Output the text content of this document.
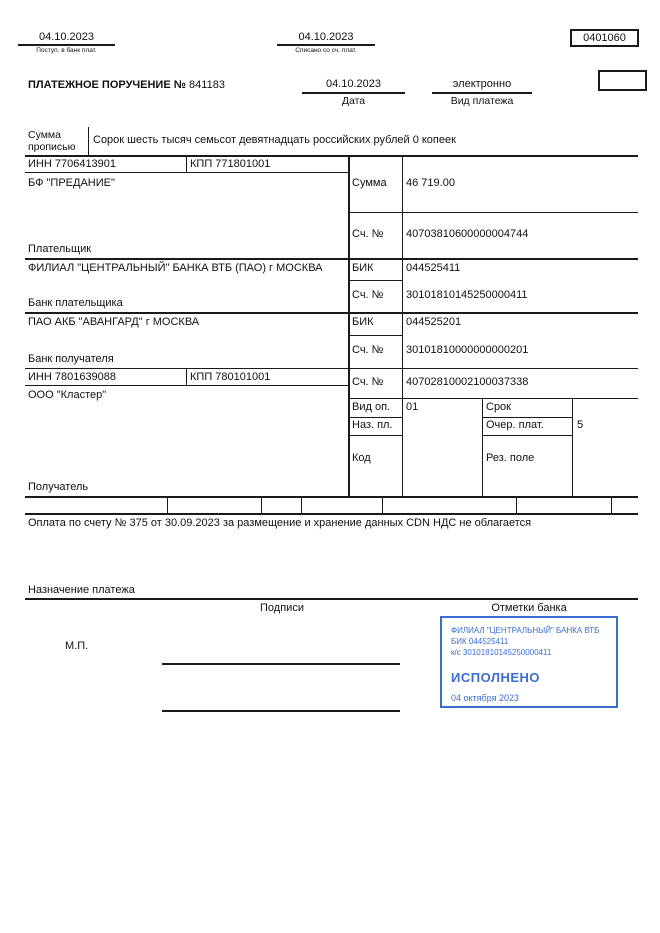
04.10.2023
Поступ. в банк плат.
04.10.2023
Списано со сч. плат.
0401060
ПЛАТЕЖНОЕ ПОРУЧЕНИЕ № 841183	04.10.2023
Дата
электронно
Вид платежа
Сумма прописью
Сорок шесть тысяч семьсот девятнадцать российских рублей 0 копеек
ИНН 7706413901	КПП 771801001
БФ "ПРЕДАНИЕ"
Плательщик
ФИЛИАЛ "ЦЕНТРАЛЬНЫЙ" БАНКА ВТБ (ПАО) г МОСКВА
Банк плательщика
ПАО АКБ "АВАНГАРД" г МОСКВА
Банк получателя
ИНН 7801639088	КПП 780101001
ООО "Кластер"
Получатель
Сумма 46 719.00
Сч. № 40703810600000004744
БИК	044525411
Сч. № 30101810145250000411
БИК	044525201
Сч. № 30101810000000000201
Сч. № 40702810002100037338
Вид оп. 01	Срок
Наз. пл.	Очер. плат.	5
Код	Рез. поле
Оплата по счету № 375 от 30.09.2023 за размещение и хранение данных CDN НДС не облагается
Назначение платежа
Подписи	Отметки банка
М.П.
ФИЛИАЛ "ЦЕНТРАЛЬНЫЙ" БАНКА ВТБ
БИК 044525411
к/с 30101810145250000411
ИСПОЛНЕНО
04 октября 2023
